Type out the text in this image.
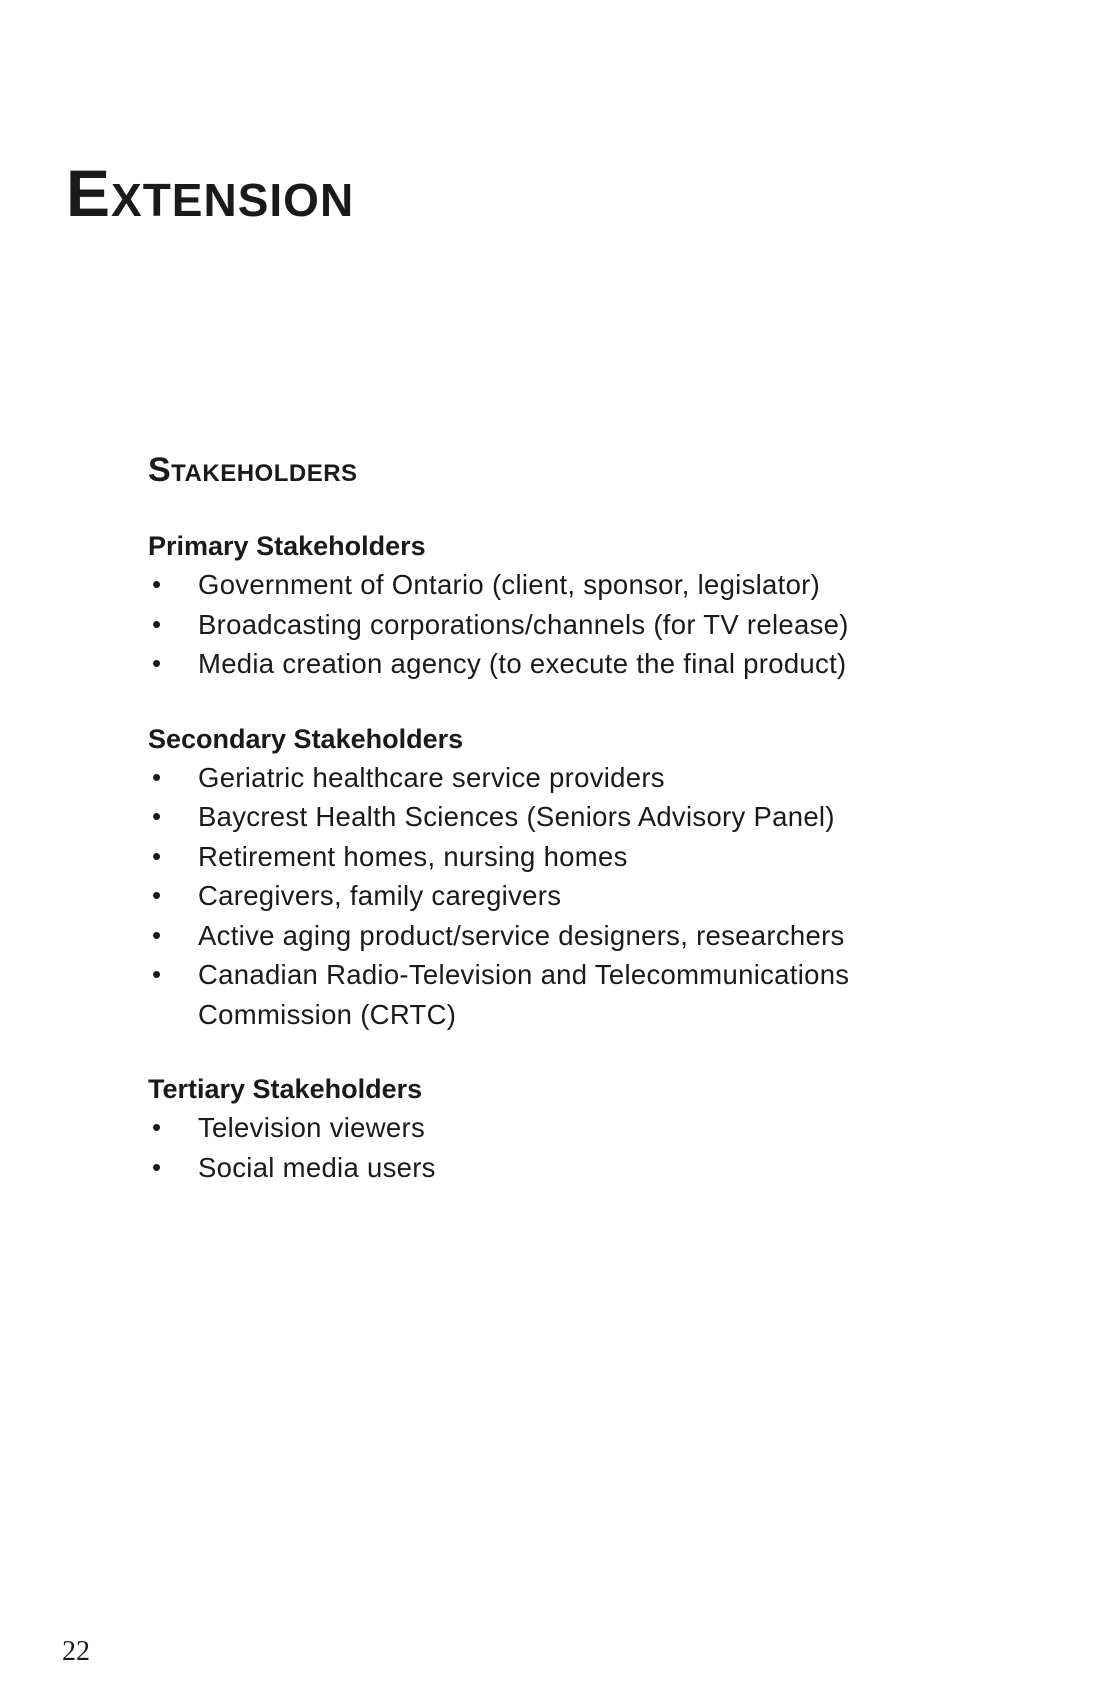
Extension
Stakeholders
Primary Stakeholders
•	Government of Ontario (client, sponsor, legislator)
•	Broadcasting corporations/channels (for TV release)
•	Media creation agency (to execute the final product)
Secondary Stakeholders
•	Geriatric healthcare service providers
•	Baycrest Health Sciences (Seniors Advisory Panel)
•	Retirement homes, nursing homes
•	Caregivers, family caregivers
•	Active aging product/service designers, researchers
•	Canadian Radio-Television and Telecommunications Commission (CRTC)
Tertiary Stakeholders
•	Television viewers
•	Social media users
22
